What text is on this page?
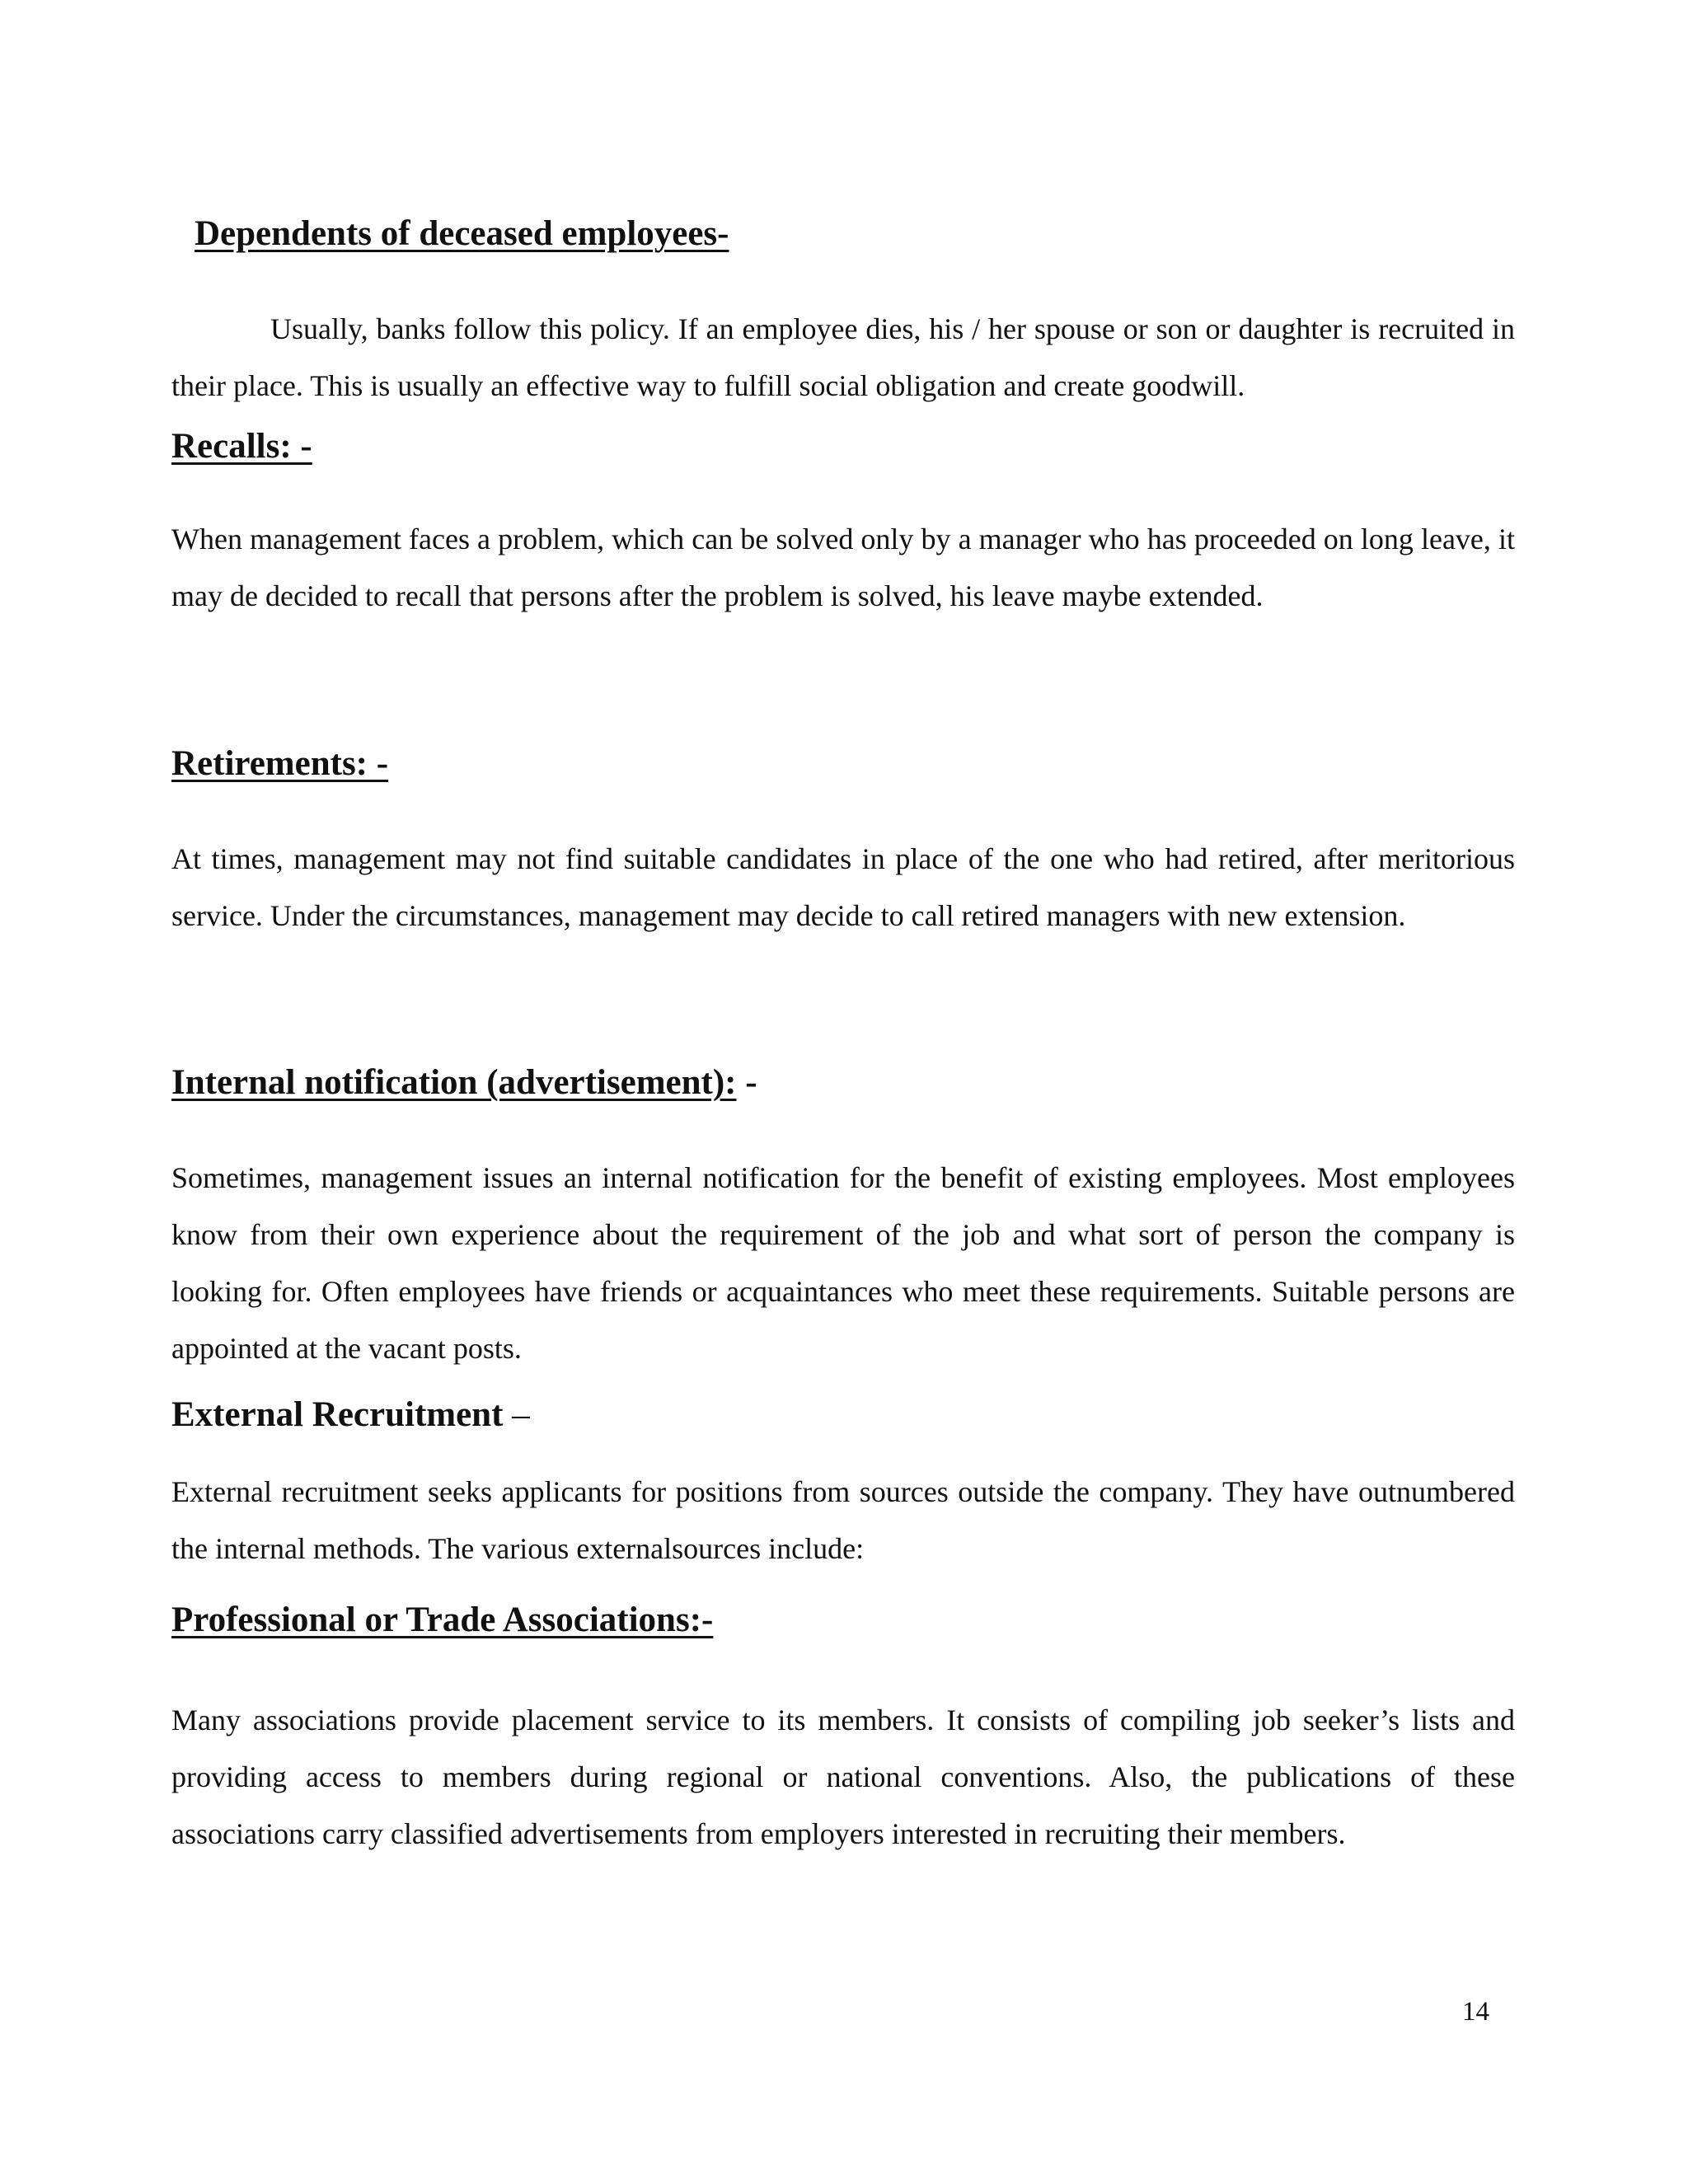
Dependents of deceased employees-

Usually, banks follow this policy. If an employee dies, his / her spouse or son or daughter is recruited in their place. This is usually an effective way to fulfill social obligation and create goodwill.

Recalls: -

When management faces a problem, which can be solved only by a manager who has proceeded on long leave, it may de decided to recall that persons after the problem is solved, his leave maybe extended.

Retirements: -

At times, management may not find suitable candidates in place of the one who had retired, after meritorious service. Under the circumstances, management may decide to call retired managers with new extension.

Internal notification (advertisement): -

Sometimes, management issues an internal notification for the benefit of existing employees. Most employees know from their own experience about the requirement of the job and what sort of person the company is looking for. Often employees have friends or acquaintances who meet these requirements. Suitable persons are appointed at the vacant posts.

External Recruitment –

External recruitment seeks applicants for positions from sources outside the company. They have outnumbered the internal methods. The various externalsources include:

Professional or Trade Associations:-

Many associations provide placement service to its members. It consists of compiling job seeker’s lists and providing access to members during regional or national conventions. Also, the publications of these associations carry classified advertisements from employers interested in recruiting their members.

14
